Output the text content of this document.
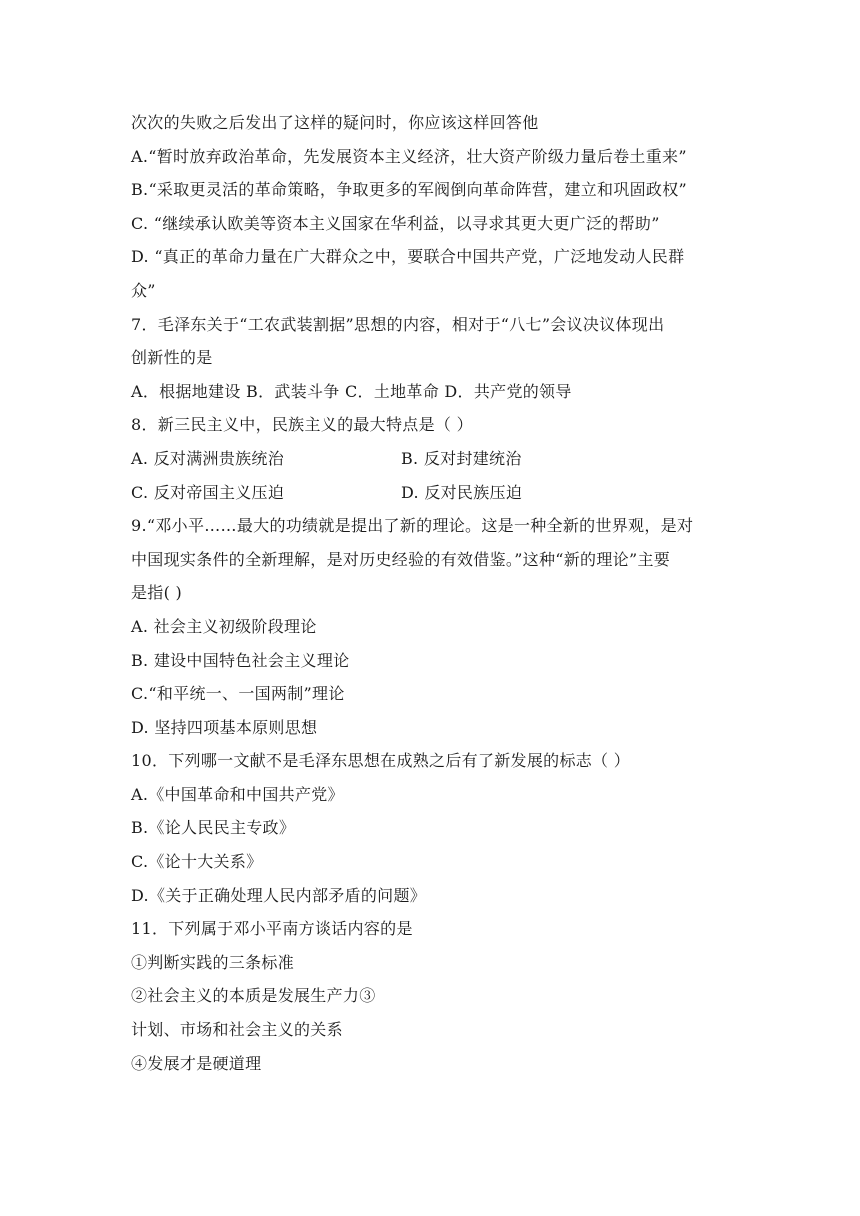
次次的失败之后发出了这样的疑问时，你应该这样回答他
A.“暂时放弃政治革命，先发展资本主义经济，壮大资产阶级力量后卷土重来”
B.“采取更灵活的革命策略，争取更多的军阀倒向革命阵营，建立和巩固政权”
C. “继续承认欧美等资本主义国家在华利益，以寻求其更大更广泛的帮助”
D. “真正的革命力量在广大群众之中，要联合中国共产党，广泛地发动人民群
众”
7．毛泽东关于“工农武装割据”思想的内容，相对于“八七”会议决议体现出
创新性的是
A．根据地建设 B．武装斗争 C．土地革命 D．共产党的领导
8．新三民主义中，民族主义的最大特点是（ ）
A. 反对满洲贵族统治	B. 反对封建统治
C. 反对帝国主义压迫	D. 反对民族压迫
9.“邓小平……最大的功绩就是提出了新的理论。这是一种全新的世界观，是对
中国现实条件的全新理解，是对历史经验的有效借鉴。”这种“新的理论”主要
是指( )
A. 社会主义初级阶段理论
B. 建设中国特色社会主义理论
C.“和平统一、一国两制”理论
D. 坚持四项基本原则思想
10．下列哪一文献不是毛泽东思想在成熟之后有了新发展的标志（ ）
A.《中国革命和中国共产党》
B.《论人民民主专政》
C.《论十大关系》
D.《关于正确处理人民内部矛盾的问题》
11．下列属于邓小平南方谈话内容的是
①判断实践的三条标准
②社会主义的本质是发展生产力③
计划、市场和社会主义的关系
④发展才是硬道理
